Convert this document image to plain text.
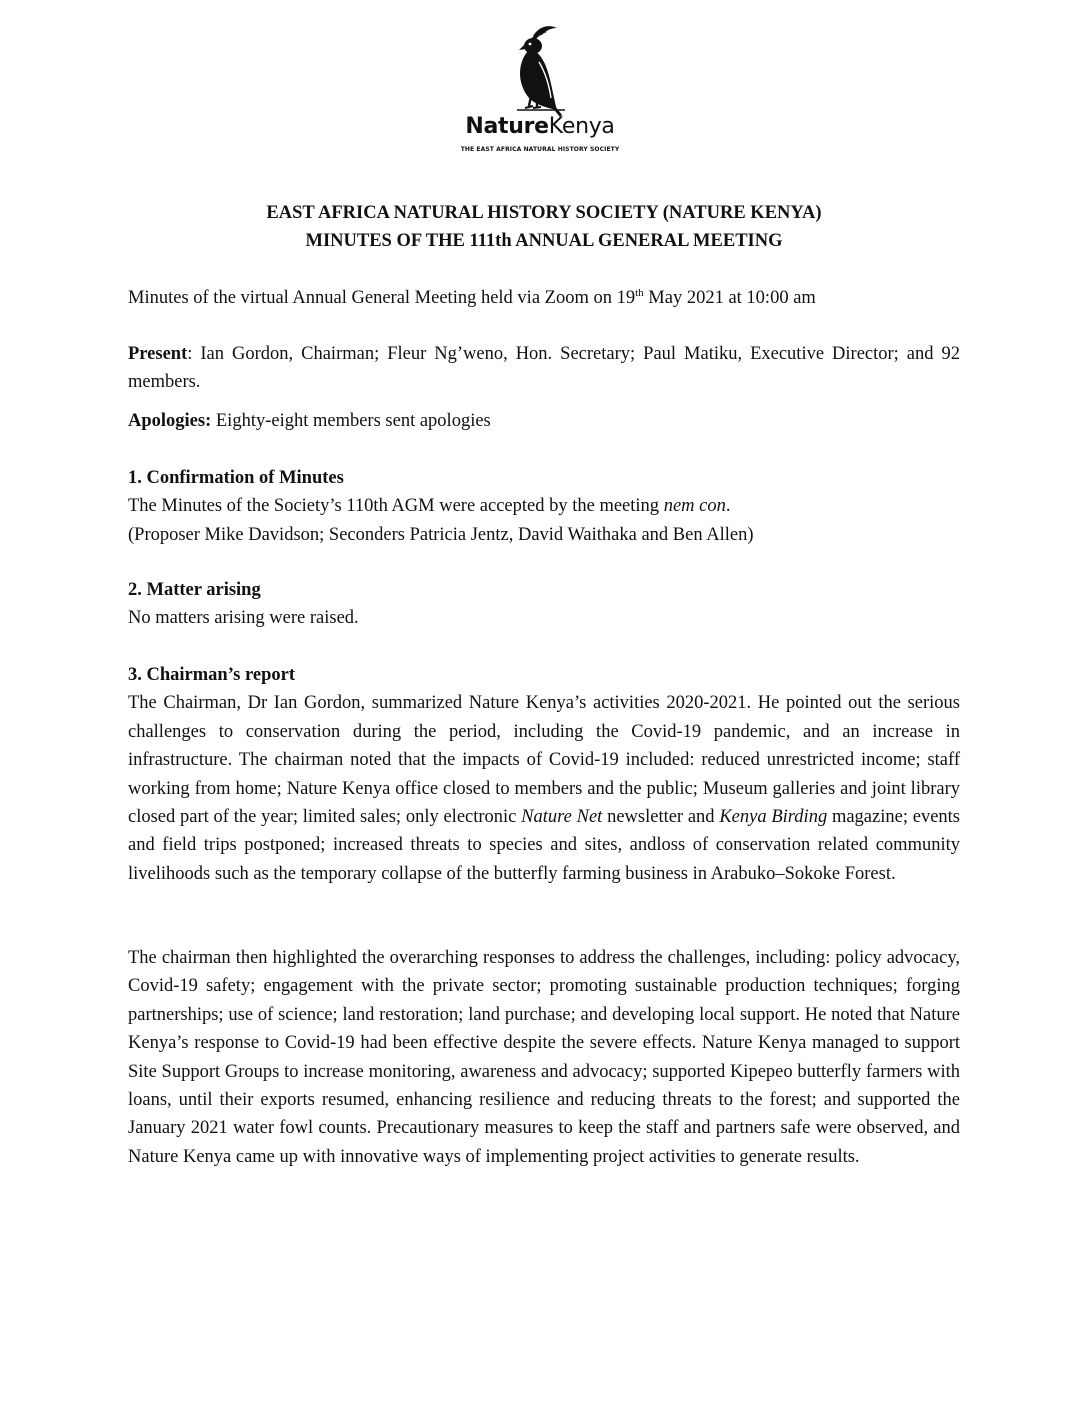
NatureKenya
THE EAST AFRICA NATURAL HISTORY SOCIETY
EAST AFRICA NATURAL HISTORY SOCIETY (NATURE KENYA)
MINUTES OF THE 111th ANNUAL GENERAL MEETING
Minutes of the virtual Annual General Meeting held via Zoom on 19th May 2021 at 10:00 am
Present: Ian Gordon, Chairman; Fleur Ng’weno, Hon. Secretary; Paul Matiku, Executive Director; and 92 members.
Apologies: Eighty-eight members sent apologies
1. Confirmation of Minutes
The Minutes of the Society’s 110th AGM were accepted by the meeting nem con.
(Proposer Mike Davidson; Seconders Patricia Jentz, David Waithaka and Ben Allen)
2. Matter arising
No matters arising were raised.
3. Chairman’s report
The Chairman, Dr Ian Gordon, summarized Nature Kenya’s activities 2020-2021. He pointed out the serious challenges to conservation during the period, including the Covid-19 pandemic, and an increase in infrastructure. The chairman noted that the impacts of Covid-19 included: reduced unrestricted income; staff working from home; Nature Kenya office closed to members and the public; Museum galleries and joint library closed part of the year; limited sales; only electronic Nature Net newsletter and Kenya Birding magazine; events and field trips postponed; increased threats to species and sites, andloss of conservation related community livelihoods such as the temporary collapse of the butterfly farming business in Arabuko–Sokoke Forest.
The chairman then highlighted the overarching responses to address the challenges, including: policy advocacy, Covid-19 safety; engagement with the private sector; promoting sustainable production techniques; forging partnerships; use of science; land restoration; land purchase; and developing local support. He noted that Nature Kenya’s response to Covid-19 had been effective despite the severe effects. Nature Kenya managed to support Site Support Groups to increase monitoring, awareness and advocacy; supported Kipepeo butterfly farmers with loans, until their exports resumed, enhancing resilience and reducing threats to the forest; and supported the January 2021 water fowl counts. Precautionary measures to keep the staff and partners safe were observed, and Nature Kenya came up with innovative ways of implementing project activities to generate results.
